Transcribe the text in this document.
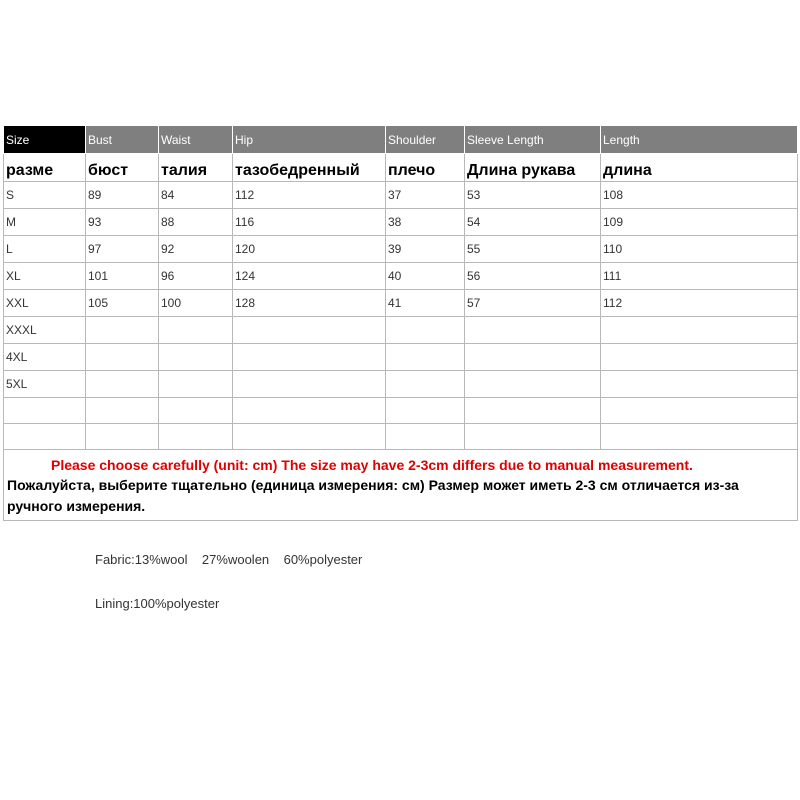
Size	Bust	Waist	Hip	Shoulder	Sleeve Length	Length
разме	бюст	талия	тазобедренный	плечо	Длина рукава	длина
S	89	84	112	37	53	108
M	93	88	116	38	54	109
L	97	92	120	39	55	110
XL	101	96	124	40	56	111
XXL	105	100	128	41	57	112
XXXL						
4XL						
5XL						

Please choose carefully (unit: cm) The size may have 2-3cm differs due to manual measurement.
Пожалуйста, выберите тщательно (единица измерения: см) Размер может иметь 2-3 см отличается из-за ручного измерения.						
Fabric:13%wool    27%woolen    60%polyester
Lining:100%polyester
